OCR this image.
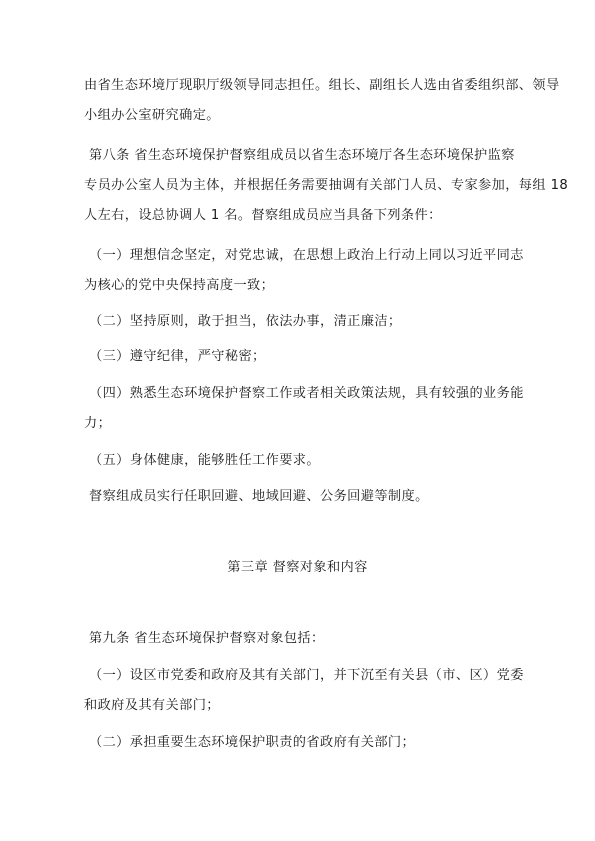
由省生态环境厅现职厅级领导同志担任。组长、副组长人选由省委组织部、领导
小组办公室研究确定。
第八条 省生态环境保护督察组成员以省生态环境厅各生态环境保护监察
专员办公室人员为主体，并根据任务需要抽调有关部门人员、专家参加，每组 18
人左右，设总协调人 1 名。督察组成员应当具备下列条件：
（一）理想信念坚定，对党忠诚，在思想上政治上行动上同以习近平同志
为核心的党中央保持高度一致；
（二）坚持原则，敢于担当，依法办事，清正廉洁；
（三）遵守纪律，严守秘密；
（四）熟悉生态环境保护督察工作或者相关政策法规，具有较强的业务能
力；
（五）身体健康，能够胜任工作要求。
督察组成员实行任职回避、地域回避、公务回避等制度。
第三章 督察对象和内容
第九条 省生态环境保护督察对象包括：
（一）设区市党委和政府及其有关部门，并下沉至有关县（市、区）党委
和政府及其有关部门；
（二）承担重要生态环境保护职责的省政府有关部门；
